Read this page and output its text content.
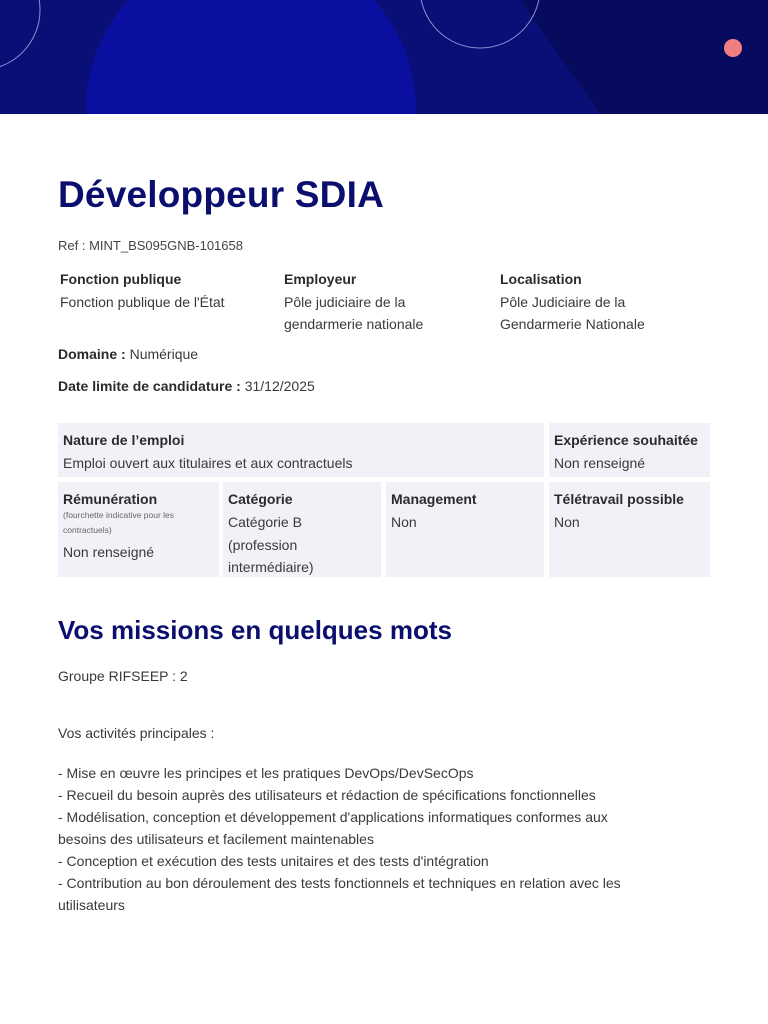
Développeur SDIA
Ref : MINT_BS095GNB-101658
Fonction publique
Fonction publique de l'État
Employeur
Pôle judiciaire de la
gendarmerie nationale
Localisation
Pôle Judiciaire de la
Gendarmerie Nationale
Domaine : Numérique
Date limite de candidature : 31/12/2025
Nature de l’emploi
Emploi ouvert aux titulaires et aux contractuels
Expérience souhaitée
Non renseigné
Rémunération
(fourchette indicative pour les contractuels)
Non renseigné
Catégorie
Catégorie B
(profession
intermédiaire)
Management
Non
Télétravail possible
Non
Vos missions en quelques mots
Groupe RIFSEEP : 2
Vos activités principales :
- Mise en œuvre les principes et les pratiques DevOps/DevSecOps
- Recueil du besoin auprès des utilisateurs et rédaction de spécifications fonctionnelles
- Modélisation, conception et développement d'applications informatiques conformes aux
besoins des utilisateurs et facilement maintenables
- Conception et exécution des tests unitaires et des tests d'intégration
- Contribution au bon déroulement des tests fonctionnels et techniques en relation avec les
utilisateurs
